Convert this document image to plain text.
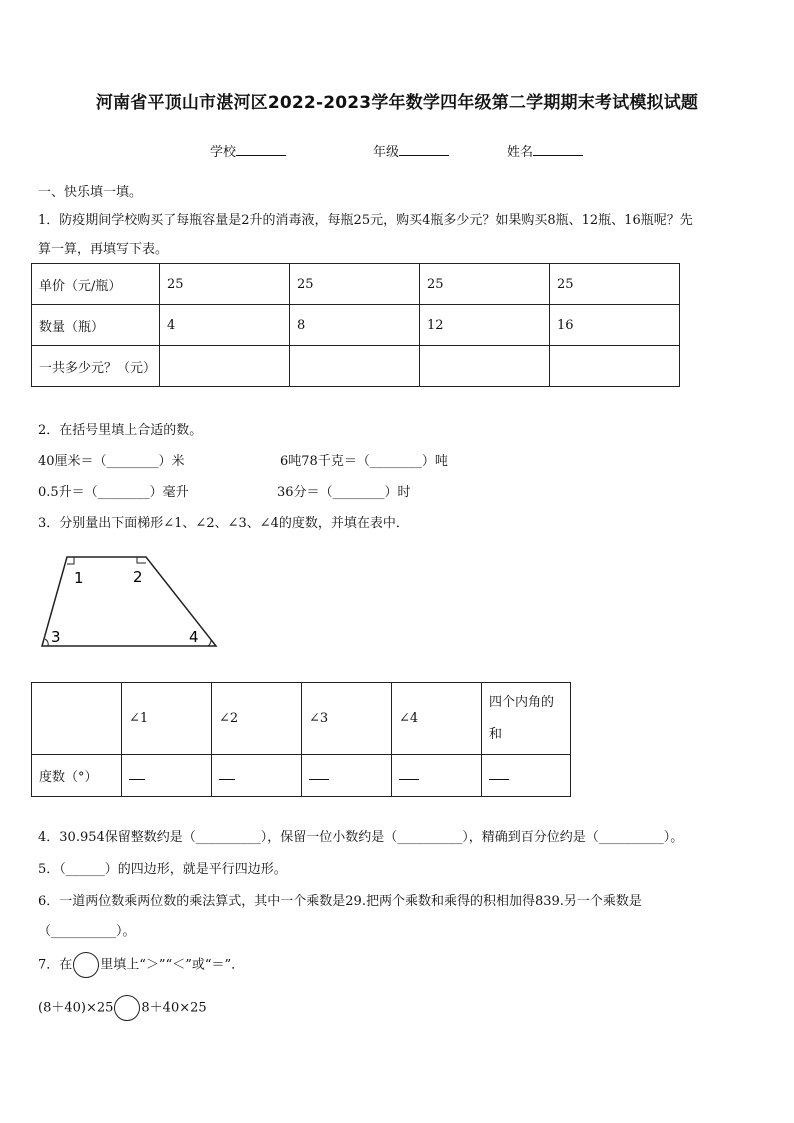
河南省平顶山市湛河区2022-2023学年数学四年级第二学期期末考试模拟试题
学校	年级	姓名
一、快乐填一填。
1．防疫期间学校购买了每瓶容量是2升的消毒液，每瓶25元，购买4瓶多少元？如果购买8瓶、12瓶、16瓶呢？先
算一算，再填写下表。
单价（元/瓶）	25	25	25	25
数量（瓶）	4	8	12	16
一共多少元？（元）				
2．在括号里填上合适的数。
40厘米＝（________）米	6吨78千克＝（________）吨
0.5升＝（________）毫升	36分＝（________）时
3．分别量出下面梯形∠1、∠2、∠3、∠4的度数，并填在表中．
1	2
3	4
	∠1	∠2	∠3	∠4	四个内角的
和
度数（°）					
4．30.954保留整数约是（__________），保留一位小数约是（__________），精确到百分位约是（__________）。
5．（______）的四边形，就是平行四边形。
6．一道两位数乘两位数的乘法算式，其中一个乘数是29.把两个乘数和乘得的积相加得839.另一个乘数是
（__________）。
7．在 里填上“＞”“＜”或“＝”．
(8＋40)×25 8＋40×25
